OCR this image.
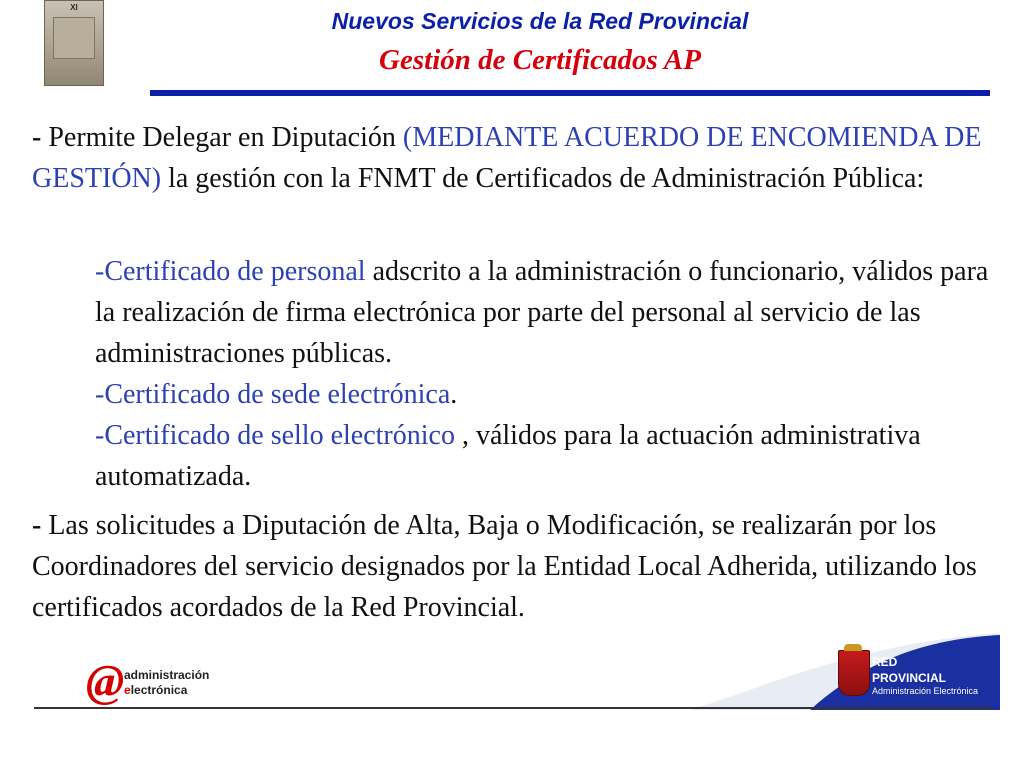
XI
Nuevos Servicios de la Red Provincial
Gestión de Certificados AP
- Permite Delegar en Diputación (MEDIANTE ACUERDO DE ENCOMIENDA DE GESTIÓN) la gestión con la FNMT de Certificados de Administración Pública:
-Certificado de personal adscrito a la administración o funcionario, válidos para la realización de firma electrónica por parte del personal al servicio de las administraciones públicas.
-Certificado de sede electrónica.
-Certificado de sello electrónico , válidos para la actuación administrativa automatizada.
- Las solicitudes a Diputación de Alta, Baja o Modificación, se realizarán por los Coordinadores del servicio designados por la Entidad Local Adherida, utilizando los certificados acordados de la Red Provincial.
@ administración
electrónica
RED
PROVINCIAL
Administración Electrónica
